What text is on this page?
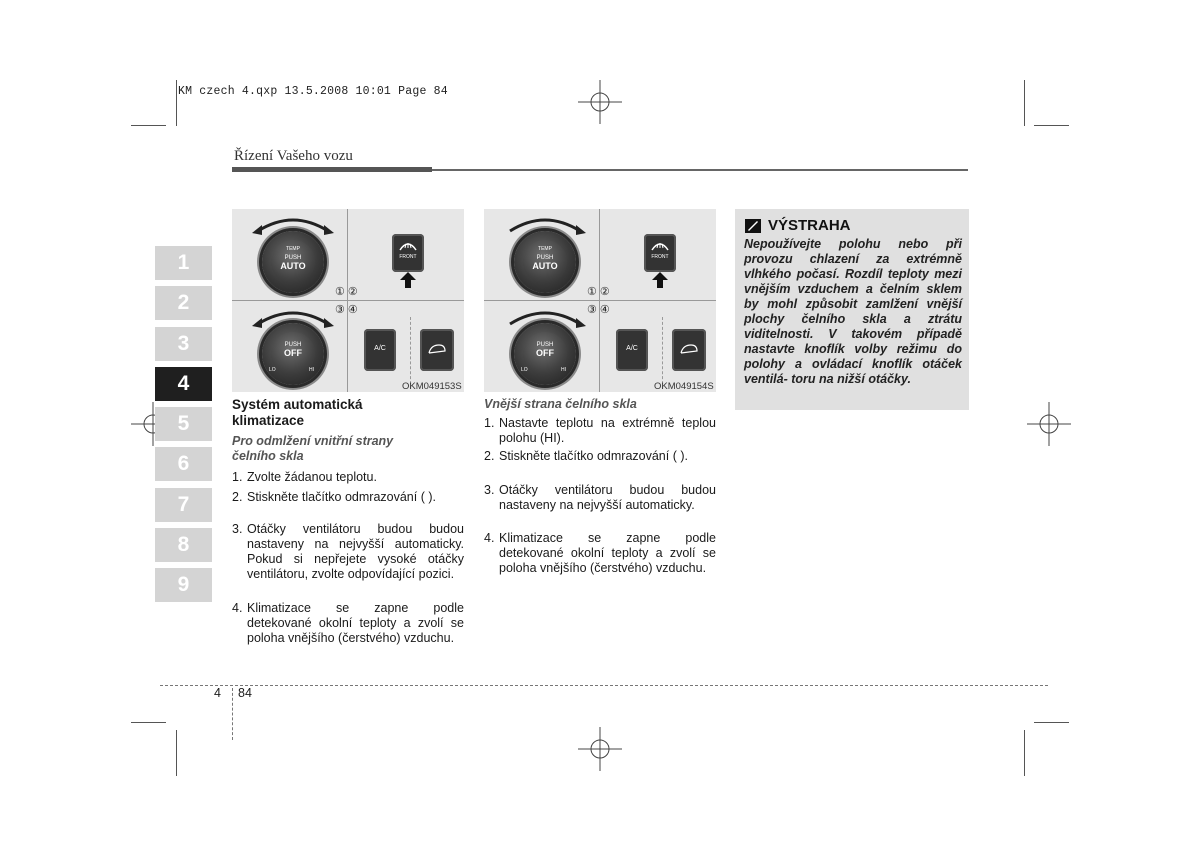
KM czech 4.qxp 13.5.2008 10:01 Page 84
Řízení Vašeho vozu
1
2
3
4
5
6
7
8
9
TEMP
PUSH
AUTO
PUSH
OFF
LO	HI
① ②
③ ④
FRONT
A/C
OKM049153S
TEMP
PUSH
AUTO
PUSH
OFF
LO	HI
① ②
③ ④
FRONT
A/C
OKM049154S
Systém automatická klimatizace
Pro odmlžení vnitřní strany čelního skla
1. Zvolte žádanou teplotu.
2. Stiskněte tlačítko odmrazování ( ).
3. Otáčky ventilátoru budou budou nastaveny na nejvyšší automaticky. Pokud si nepřejete vysoké otáčky ventilátoru, zvolte odpovídající pozici.
4. Klimatizace se zapne podle detekované okolní teploty a zvolí se poloha vnějšího (čerstvého) vzduchu.
Vnější strana čelního skla
1. Nastavte teplotu na extrémně teplou polohu (HI).
2. Stiskněte tlačítko odmrazování ( ).
3. Otáčky ventilátoru budou budou nastaveny na nejvyšší automaticky.
4. Klimatizace se zapne podle detekované okolní teploty a zvolí se poloha vnějšího (čerstvého) vzduchu.
VÝSTRAHA
Nepoužívejte polohu nebo při provozu chlazení za extrémně vlhkého počasí. Rozdíl teploty mezi vnějším vzduchem a čelním sklem by mohl způsobit zamlžení vnější plochy čelního skla a ztrátu viditelnosti. V takovém případě nastavte knoflík volby režimu do polohy a ovládací knoflík otáček ventilá- toru na nižší otáčky.
4 84
